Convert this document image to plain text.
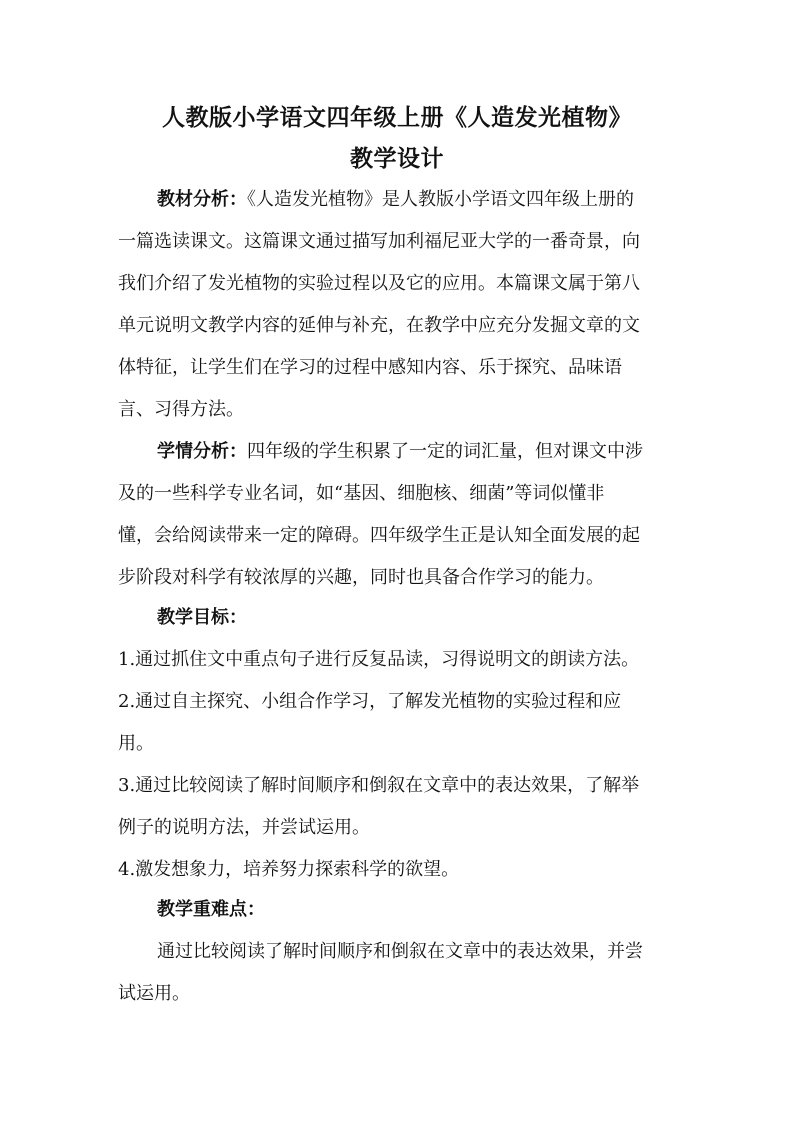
人教版小学语文四年级上册《人造发光植物》
教学设计
教材分析：《人造发光植物》是人教版小学语文四年级上册的
一篇选读课文。这篇课文通过描写加利福尼亚大学的一番奇景，向
我们介绍了发光植物的实验过程以及它的应用。本篇课文属于第八
单元说明文教学内容的延伸与补充，在教学中应充分发掘文章的文
体特征，让学生们在学习的过程中感知内容、乐于探究、品味语
言、习得方法。
学情分析：四年级的学生积累了一定的词汇量，但对课文中涉
及的一些科学专业名词，如“基因、细胞核、细菌”等词似懂非
懂，会给阅读带来一定的障碍。四年级学生正是认知全面发展的起
步阶段对科学有较浓厚的兴趣，同时也具备合作学习的能力。
教学目标：
1.通过抓住文中重点句子进行反复品读，习得说明文的朗读方法。
2.通过自主探究、小组合作学习，了解发光植物的实验过程和应
用。
3.通过比较阅读了解时间顺序和倒叙在文章中的表达效果，了解举
例子的说明方法，并尝试运用。
4.激发想象力，培养努力探索科学的欲望。
教学重难点：
通过比较阅读了解时间顺序和倒叙在文章中的表达效果，并尝
试运用。
